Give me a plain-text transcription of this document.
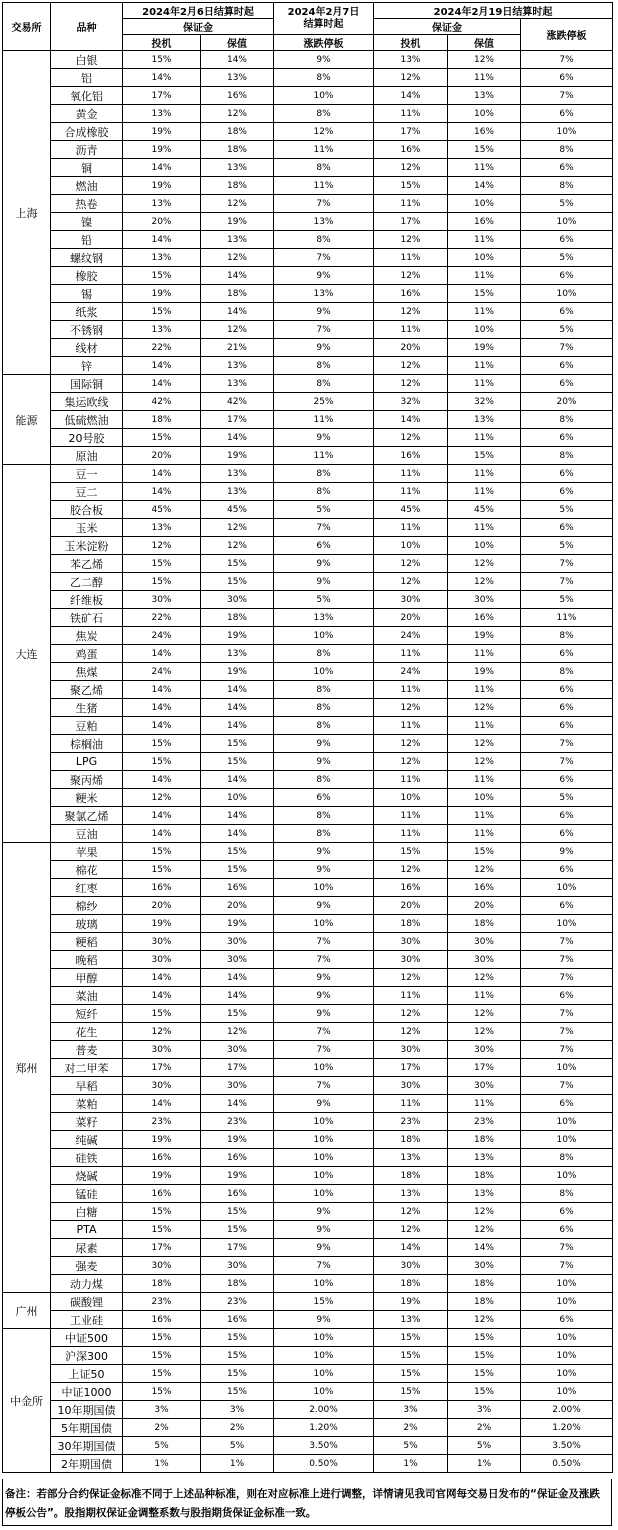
交易所	品种	2024年2月6日结算时起		2024年2月7日结算时起	2024年2月19日结算时起		
		保证金			保证金		涨跌停板
		投机	保值	涨跌停板	投机	保值	
上海	白银	15%	14%	9%	13%	12%	7%
	铝	14%	13%	8%	12%	11%	6%
	氧化铝	17%	16%	10%	14%	13%	7%
	黄金	13%	12%	8%	11%	10%	6%
	合成橡胶	19%	18%	12%	17%	16%	10%
	沥青	19%	18%	11%	16%	15%	8%
	铜	14%	13%	8%	12%	11%	6%
	燃油	19%	18%	11%	15%	14%	8%
	热卷	13%	12%	7%	11%	10%	5%
	镍	20%	19%	13%	17%	16%	10%
	铅	14%	13%	8%	12%	11%	6%
	螺纹钢	13%	12%	7%	11%	10%	5%
	橡胶	15%	14%	9%	12%	11%	6%
	锡	19%	18%	13%	16%	15%	10%
	纸浆	15%	14%	9%	12%	11%	6%
	不锈钢	13%	12%	7%	11%	10%	5%
	线材	22%	21%	9%	20%	19%	7%
	锌	14%	13%	8%	12%	11%	6%
能源	国际铜	14%	13%	8%	12%	11%	6%
	集运欧线	42%	42%	25%	32%	32%	20%
	低硫燃油	18%	17%	11%	14%	13%	8%
	20号胶	15%	14%	9%	12%	11%	6%
	原油	20%	19%	11%	16%	15%	8%
大连	豆一	14%	13%	8%	11%	11%	6%
	豆二	14%	13%	8%	11%	11%	6%
	胶合板	45%	45%	5%	45%	45%	5%
	玉米	13%	12%	7%	11%	11%	6%
	玉米淀粉	12%	12%	6%	10%	10%	5%
	苯乙烯	15%	15%	9%	12%	12%	7%
	乙二醇	15%	15%	9%	12%	12%	7%
	纤维板	30%	30%	5%	30%	30%	5%
	铁矿石	22%	18%	13%	20%	16%	11%
	焦炭	24%	19%	10%	24%	19%	8%
	鸡蛋	14%	13%	8%	11%	11%	6%
	焦煤	24%	19%	10%	24%	19%	8%
	聚乙烯	14%	14%	8%	11%	11%	6%
	生猪	14%	14%	8%	12%	12%	6%
	豆粕	14%	14%	8%	11%	11%	6%
	棕榈油	15%	15%	9%	12%	12%	7%
	LPG	15%	15%	9%	12%	12%	7%
	聚丙烯	14%	14%	8%	11%	11%	6%
	粳米	12%	10%	6%	10%	10%	5%
	聚氯乙烯	14%	14%	8%	11%	11%	6%
	豆油	14%	14%	8%	11%	11%	6%
郑州	苹果	15%	15%	9%	15%	15%	9%
	棉花	15%	15%	9%	12%	12%	6%
	红枣	16%	16%	10%	16%	16%	10%
	棉纱	20%	20%	9%	20%	20%	6%
	玻璃	19%	19%	10%	18%	18%	10%
	粳稻	30%	30%	7%	30%	30%	7%
	晚稻	30%	30%	7%	30%	30%	7%
	甲醇	14%	14%	9%	12%	12%	7%
	菜油	14%	14%	9%	11%	11%	6%
	短纤	15%	15%	9%	12%	12%	7%
	花生	12%	12%	7%	12%	12%	7%
	普麦	30%	30%	7%	30%	30%	7%
	对二甲苯	17%	17%	10%	17%	17%	10%
	早稻	30%	30%	7%	30%	30%	7%
	菜粕	14%	14%	9%	11%	11%	6%
	菜籽	23%	23%	10%	23%	23%	10%
	纯碱	19%	19%	10%	18%	18%	10%
	硅铁	16%	16%	10%	13%	13%	8%
	烧碱	19%	19%	10%	18%	18%	10%
	锰硅	16%	16%	10%	13%	13%	8%
	白糖	15%	15%	9%	12%	12%	6%
	PTA	15%	15%	9%	12%	12%	6%
	尿素	17%	17%	9%	14%	14%	7%
	强麦	30%	30%	7%	30%	30%	7%
	动力煤	18%	18%	10%	18%	18%	10%
广州	碳酸锂	23%	23%	15%	19%	18%	10%
	工业硅	16%	16%	9%	13%	12%	6%
中金所	中证500	15%	15%	10%	15%	15%	10%
	沪深300	15%	15%	10%	15%	15%	10%
	上证50	15%	15%	10%	15%	15%	10%
	中证1000	15%	15%	10%	15%	15%	10%
	10年期国债	3%	3%	2.00%	3%	3%	2.00%
	5年期国债	2%	2%	1.20%	2%	2%	1.20%
	30年期国债	5%	5%	3.50%	5%	5%	3.50%
	2年期国债	1%	1%	0.50%	1%	1%	0.50%
备注：若部分合约保证金标准不同于上述品种标准，则在对应标准上进行调整，详情请见我司官网每交易日发布的“保证金及涨跌停板公告”。股指期权保证金调整系数与股指期货保证金标准一致。
